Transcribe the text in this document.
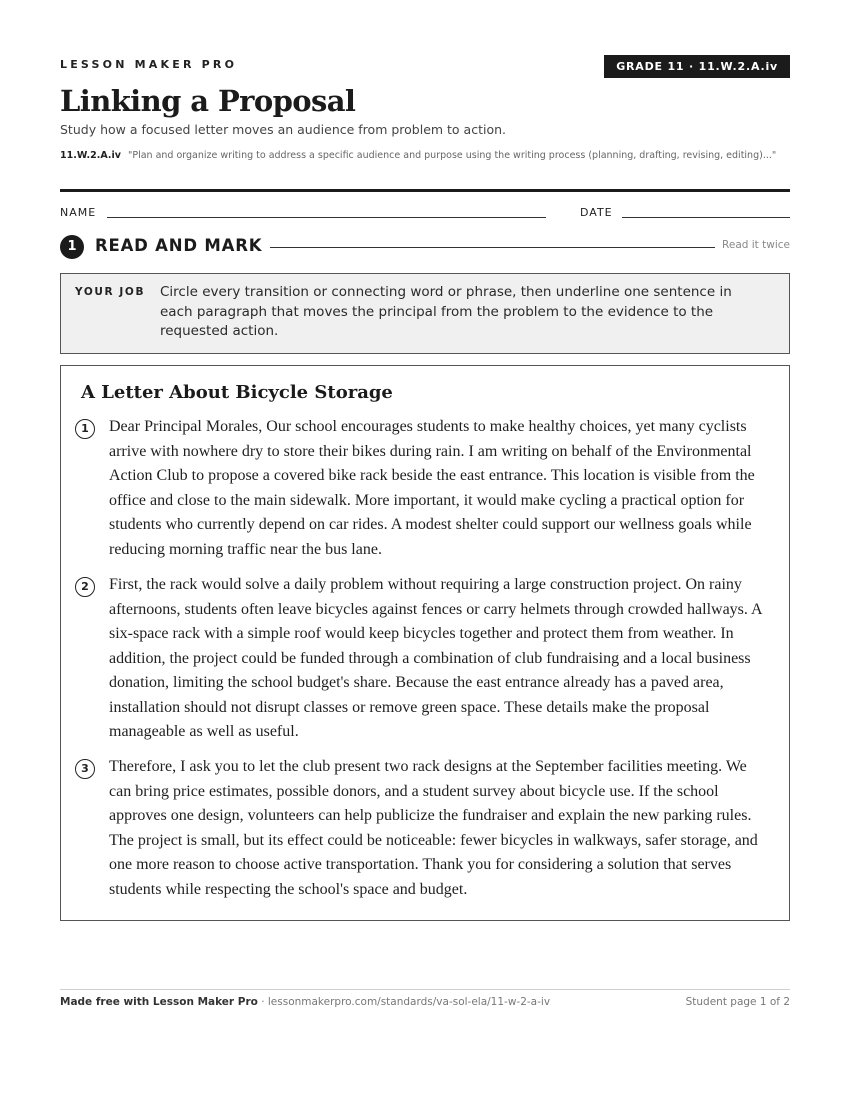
LESSON MAKER PRO	GRADE 11 · 11.W.2.A.iv
Linking a Proposal
Study how a focused letter moves an audience from problem to action.
11.W.2.A.iv "Plan and organize writing to address a specific audience and purpose using the writing process (planning, drafting, revising, editing)..."
NAME	DATE
1	READ AND MARK	Read it twice
YOUR JOB Circle every transition or connecting word or phrase, then underline one sentence in each paragraph that moves the principal from the problem to the evidence to the requested action.
A Letter About Bicycle Storage
1	Dear Principal Morales, Our school encourages students to make healthy choices, yet many cyclists arrive with nowhere dry to store their bikes during rain. I am writing on behalf of the Environmental Action Club to propose a covered bike rack beside the east entrance. This location is visible from the office and close to the main sidewalk. More important, it would make cycling a practical option for students who currently depend on car rides. A modest shelter could support our wellness goals while reducing morning traffic near the bus lane.
2	First, the rack would solve a daily problem without requiring a large construction project. On rainy afternoons, students often leave bicycles against fences or carry helmets through crowded hallways. A six-space rack with a simple roof would keep bicycles together and protect them from weather. In addition, the project could be funded through a combination of club fundraising and a local business donation, limiting the school budget's share. Because the east entrance already has a paved area, installation should not disrupt classes or remove green space. These details make the proposal manageable as well as useful.
3	Therefore, I ask you to let the club present two rack designs at the September facilities meeting. We can bring price estimates, possible donors, and a student survey about bicycle use. If the school approves one design, volunteers can help publicize the fundraiser and explain the new parking rules. The project is small, but its effect could be noticeable: fewer bicycles in walkways, safer storage, and one more reason to choose active transportation. Thank you for considering a solution that serves students while respecting the school's space and budget.
Made free with Lesson Maker Pro · lessonmakerpro.com/standards/va-sol-ela/11-w-2-a-iv	Student page 1 of 2
